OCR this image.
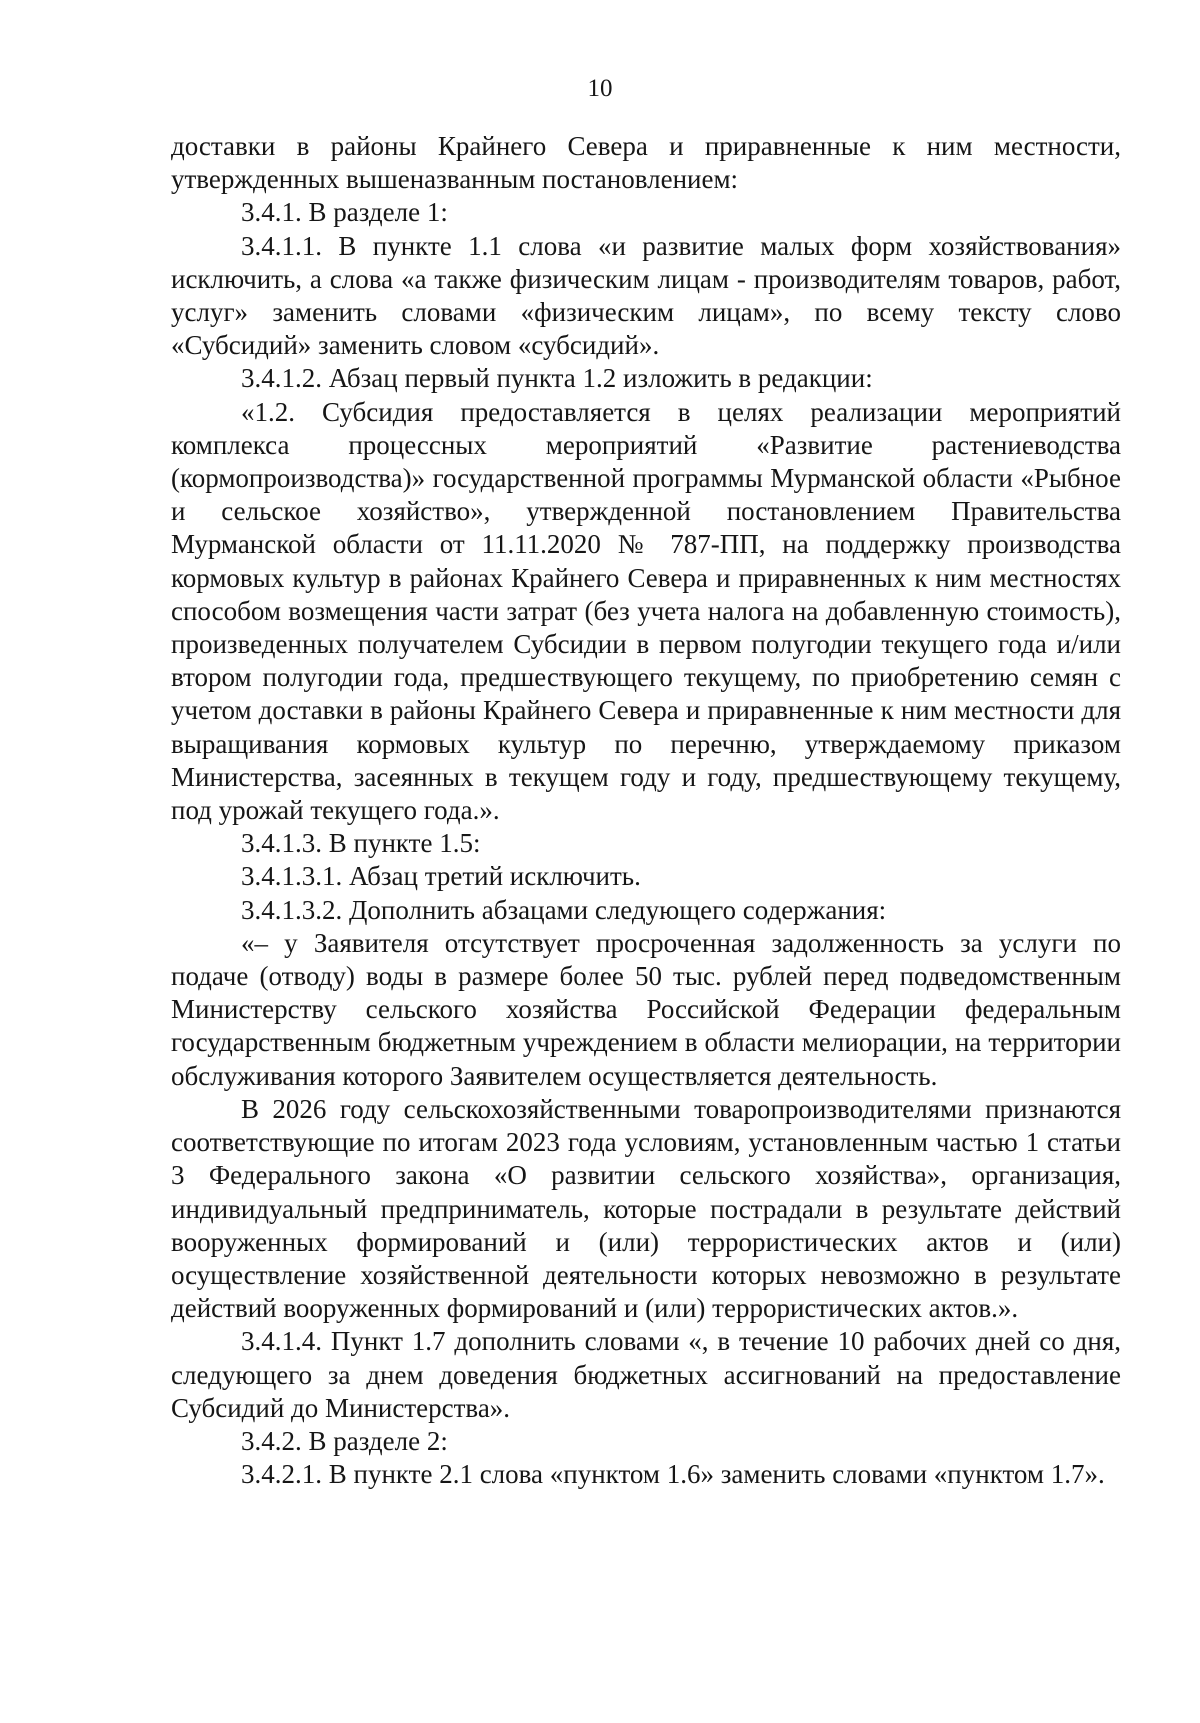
10

доставки в районы Крайнего Севера и приравненные к ним местности, утвержденных вышеназванным постановлением:

3.4.1. В разделе 1:

3.4.1.1. В пункте 1.1 слова «и развитие малых форм хозяйствования» исключить, а слова «а также физическим лицам - производителям товаров, работ, услуг» заменить словами «физическим лицам», по всему тексту слово «Субсидий» заменить словом «субсидий».

3.4.1.2. Абзац первый пункта 1.2 изложить в редакции:

«1.2. Субсидия предоставляется в целях реализации мероприятий комплекса процессных мероприятий «Развитие растениеводства (кормопроизводства)» государственной программы Мурманской области «Рыбное и сельское хозяйство», утвержденной постановлением Правительства Мурманской области от 11.11.2020 № 787-ПП, на поддержку производства кормовых культур в районах Крайнего Севера и приравненных к ним местностях способом возмещения части затрат (без учета налога на добавленную стоимость), произведенных получателем Субсидии в первом полугодии текущего года и/или втором полугодии года, предшествующего текущему, по приобретению семян с учетом доставки в районы Крайнего Севера и приравненные к ним местности для выращивания кормовых культур по перечню, утверждаемому приказом Министерства, засеянных в текущем году и году, предшествующему текущему, под урожай текущего года.».

3.4.1.3. В пункте 1.5:

3.4.1.3.1. Абзац третий исключить.

3.4.1.3.2. Дополнить абзацами следующего содержания:

«– у Заявителя отсутствует просроченная задолженность за услуги по подаче (отводу) воды в размере более 50 тыс. рублей перед подведомственным Министерству сельского хозяйства Российской Федерации федеральным государственным бюджетным учреждением в области мелиорации, на территории обслуживания которого Заявителем осуществляется деятельность.

В 2026 году сельскохозяйственными товаропроизводителями признаются соответствующие по итогам 2023 года условиям, установленным частью 1 статьи 3 Федерального закона «О развитии сельского хозяйства», организация, индивидуальный предприниматель, которые пострадали в результате действий вооруженных формирований и (или) террористических актов и (или) осуществление хозяйственной деятельности которых невозможно в результате действий вооруженных формирований и (или) террористических актов.».

3.4.1.4. Пункт 1.7 дополнить словами «, в течение 10 рабочих дней со дня, следующего за днем доведения бюджетных ассигнований на предоставление Субсидий до Министерства».

3.4.2. В разделе 2:

3.4.2.1. В пункте 2.1 слова «пунктом 1.6» заменить словами «пунктом 1.7».
